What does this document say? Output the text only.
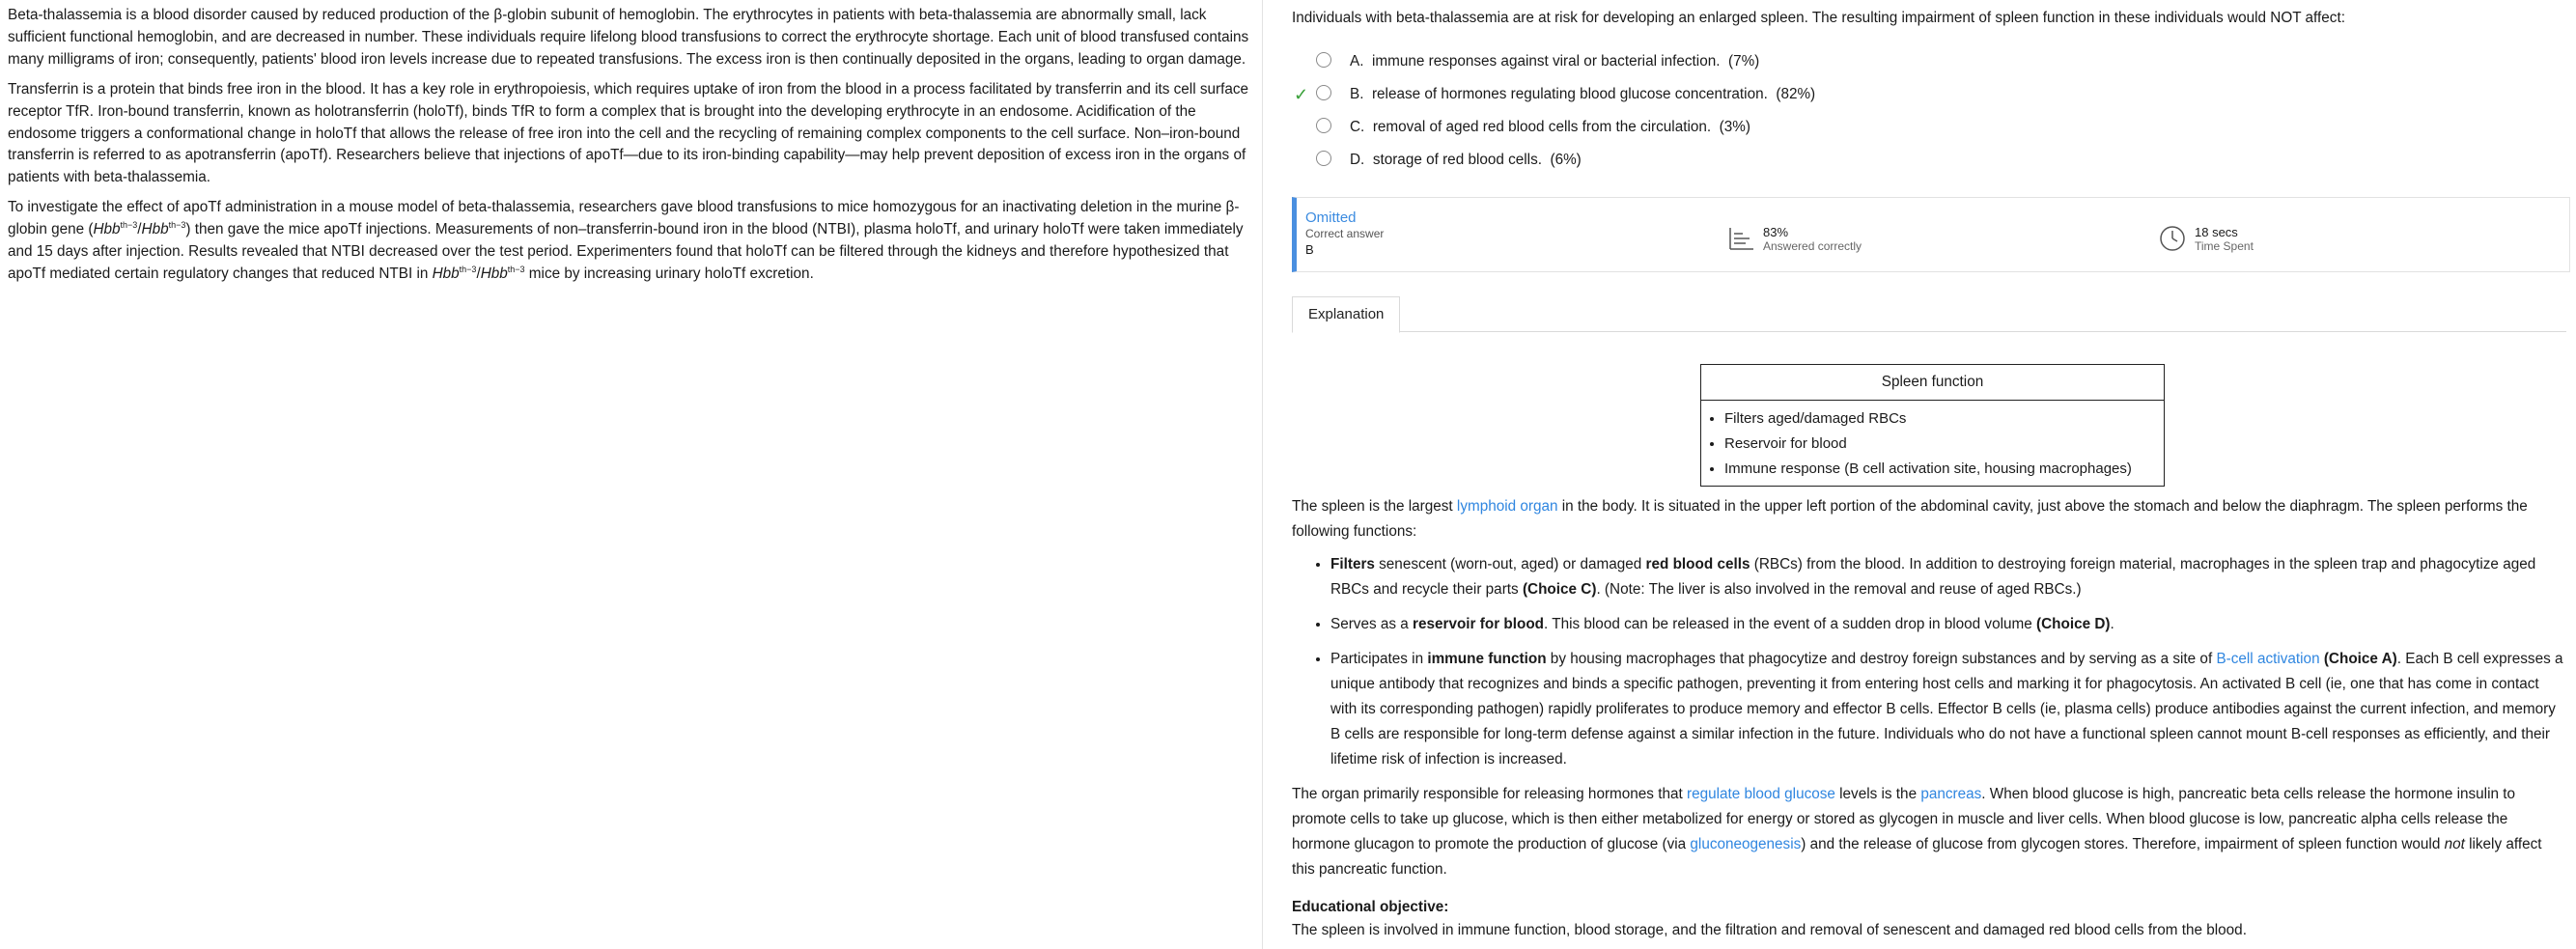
Beta-thalassemia is a blood disorder caused by reduced production of the β-globin subunit of hemoglobin. The erythrocytes in patients with beta-thalassemia are abnormally small, lack sufficient functional hemoglobin, and are decreased in number. These individuals require lifelong blood transfusions to correct the erythrocyte shortage. Each unit of blood transfused contains many milligrams of iron; consequently, patients' blood iron levels increase due to repeated transfusions. The excess iron is then continually deposited in the organs, leading to organ damage.

Transferrin is a protein that binds free iron in the blood. It has a key role in erythropoiesis, which requires uptake of iron from the blood in a process facilitated by transferrin and its cell surface receptor TfR. Iron-bound transferrin, known as holotransferrin (holoTf), binds TfR to form a complex that is brought into the developing erythrocyte in an endosome. Acidification of the endosome triggers a conformational change in holoTf that allows the release of free iron into the cell and the recycling of remaining complex components to the cell surface. Non–iron-bound transferrin is referred to as apotransferrin (apoTf). Researchers believe that injections of apoTf—due to its iron-binding capability—may help prevent deposition of excess iron in the organs of patients with beta-thalassemia.

To investigate the effect of apoTf administration in a mouse model of beta-thalassemia, researchers gave blood transfusions to mice homozygous for an inactivating deletion in the murine β-globin gene (Hbb$^{th-3}$/Hbb$^{th-3}$) then gave the mice apoTf injections. Measurements of non–transferrin-bound iron in the blood (NTBI), plasma holoTf, and urinary holoTf were taken immediately and 15 days after injection. Results revealed that NTBI decreased over the test period. Experimenters found that holoTf can be filtered through the kidneys and therefore hypothesized that apoTf mediated certain regulatory changes that reduced NTBI in Hbb$^{th-3}$/Hbb$^{th-3}$ mice by increasing urinary holoTf excretion.

Individuals with beta-thalassemia are at risk for developing an enlarged spleen. The resulting impairment of spleen function in these individuals would NOT affect:
A. immune responses against viral or bacterial infection. (7%)
✓	B. release of hormones regulating blood glucose concentration. (82%)
C. removal of aged red blood cells from the circulation. (3%)
D. storage of red blood cells. (6%)
Omitted
Correct answer
B
83%
Answered correctly
18 secs
Time Spent
Explanation
Spleen function
• Filters aged/damaged RBCs
• Reservoir for blood
• Immune response (B cell activation site, housing macrophages)

The spleen is the largest lymphoid organ in the body. It is situated in the upper left portion of the abdominal cavity, just above the stomach and below the diaphragm. The spleen performs the following functions:

• Filters senescent (worn-out, aged) or damaged red blood cells (RBCs) from the blood. In addition to destroying foreign material, macrophages in the spleen trap and phagocytize aged RBCs and recycle their parts (Choice C). (Note: The liver is also involved in the removal and reuse of aged RBCs.)
• Serves as a reservoir for blood. This blood can be released in the event of a sudden drop in blood volume (Choice D).
• Participates in immune function by housing macrophages that phagocytize and destroy foreign substances and by serving as a site of B-cell activation (Choice A). Each B cell expresses a unique antibody that recognizes and binds a specific pathogen, preventing it from entering host cells and marking it for phagocytosis. An activated B cell (ie, one that has come in contact with its corresponding pathogen) rapidly proliferates to produce memory and effector B cells. Effector B cells (ie, plasma cells) produce antibodies against the current infection, and memory B cells are responsible for long-term defense against a similar infection in the future. Individuals who do not have a functional spleen cannot mount B-cell responses as efficiently, and their lifetime risk of infection is increased.

The organ primarily responsible for releasing hormones that regulate blood glucose levels is the pancreas. When blood glucose is high, pancreatic beta cells release the hormone insulin to promote cells to take up glucose, which is then either metabolized for energy or stored as glycogen in muscle and liver cells. When blood glucose is low, pancreatic alpha cells release the hormone glucagon to promote the production of glucose (via gluconeogenesis) and the release of glucose from glycogen stores. Therefore, impairment of spleen function would not likely affect this pancreatic function.

Educational objective:
The spleen is involved in immune function, blood storage, and the filtration and removal of senescent and damaged red blood cells from the blood.
